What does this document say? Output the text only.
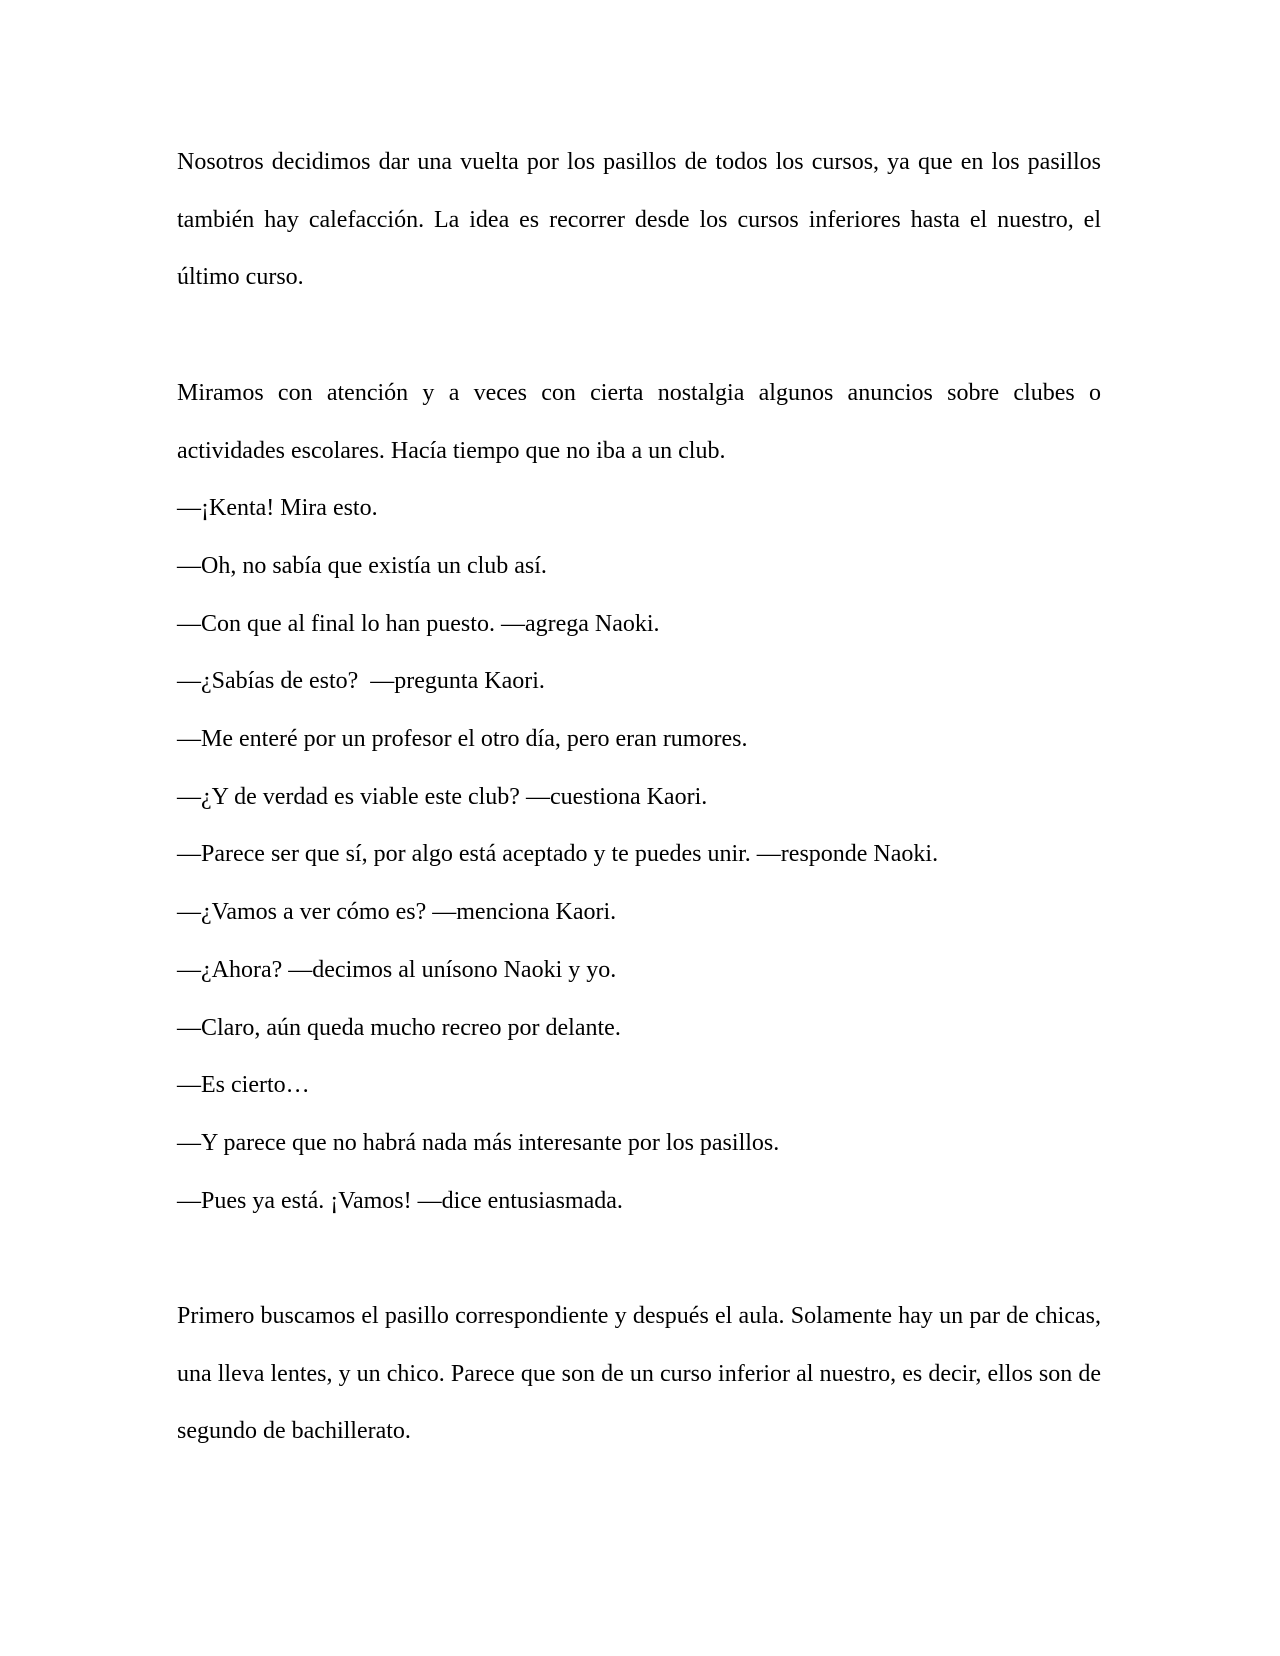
Nosotros decidimos dar una vuelta por los pasillos de todos los cursos, ya que en los pasillos también hay calefacción. La idea es recorrer desde los cursos inferiores hasta el nuestro, el último curso.

Miramos con atención y a veces con cierta nostalgia algunos anuncios sobre clubes o actividades escolares. Hacía tiempo que no iba a un club.

—¡Kenta! Mira esto.

—Oh, no sabía que existía un club así.

—Con que al final lo han puesto. —agrega Naoki.

—¿Sabías de esto?  —pregunta Kaori.

—Me enteré por un profesor el otro día, pero eran rumores.

—¿Y de verdad es viable este club? —cuestiona Kaori.

—Parece ser que sí, por algo está aceptado y te puedes unir. —responde Naoki.

—¿Vamos a ver cómo es? —menciona Kaori.

—¿Ahora? —decimos al unísono Naoki y yo.

—Claro, aún queda mucho recreo por delante.

—Es cierto…

—Y parece que no habrá nada más interesante por los pasillos.

—Pues ya está. ¡Vamos! —dice entusiasmada.

Primero buscamos el pasillo correspondiente y después el aula. Solamente hay un par de chicas, una lleva lentes, y un chico. Parece que son de un curso inferior al nuestro, es decir, ellos son de segundo de bachillerato.
